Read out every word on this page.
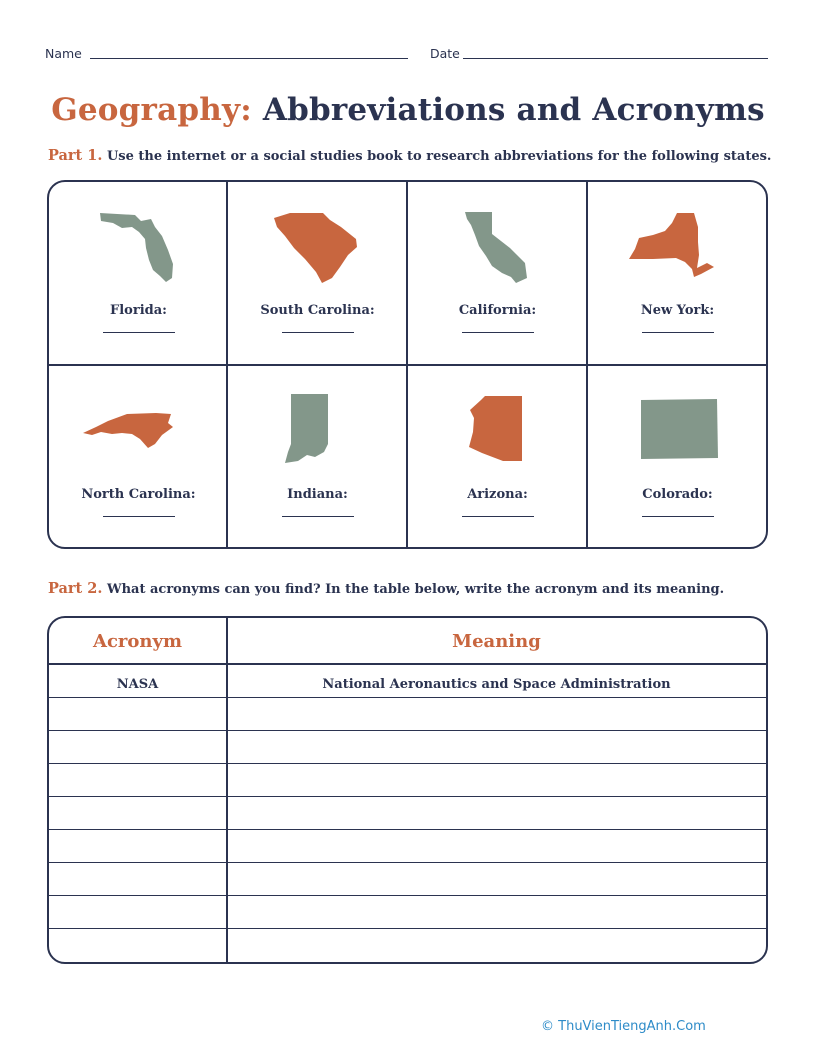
Name	Date
Geography: Abbreviations and Acronyms
Part 1. Use the internet or a social studies book to research abbreviations for the following states.
Florida:	South Carolina:	California:	New York:
North Carolina:	Indiana:	Arizona:	Colorado:
Part 2. What acronyms can you find? In the table below, write the acronym and its meaning.
Acronym	Meaning
NASA	National Aeronautics and Space Administration
© ThuVienTiengAnh.Com
